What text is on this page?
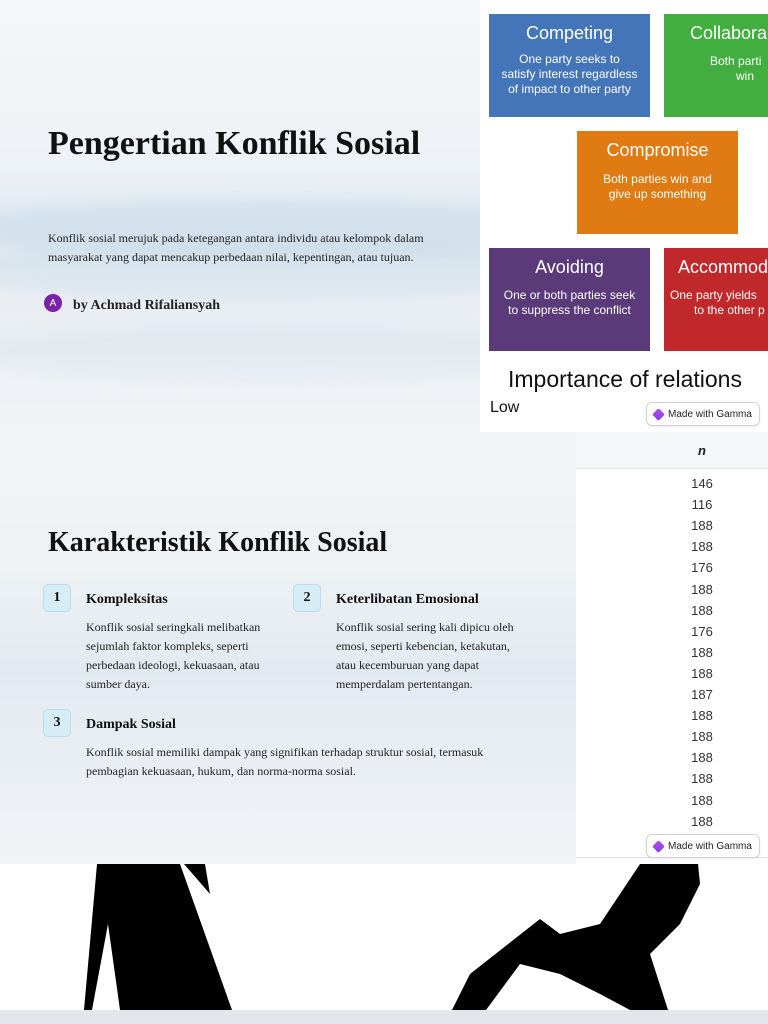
Pengertian Konflik Sosial
Konflik sosial merujuk pada ketegangan antara individu atau kelompok dalam
masyarakat yang dapat mencakup perbedaan nilai, kepentingan, atau tujuan.
A	by Achmad Rifaliansyah
Competing
One party seeks to
satisfy interest regardless
of impact to other party
Collabora
Both parti
win
Compromise
Both parties win and
give up something
Avoiding
One or both parties seek
to suppress the conflict
Accommod
One party yields
to the other p
Importance of relations
Low	Made with Gamma
Karakteristik Konflik Sosial
1	Kompleksitas
Konflik sosial seringkali melibatkan
sejumlah faktor kompleks, seperti
perbedaan ideologi, kekuasaan, atau
sumber daya.
2	Keterlibatan Emosional
Konflik sosial sering kali dipicu oleh
emosi, seperti kebencian, ketakutan,
atau kecemburuan yang dapat
memperdalam pertentangan.
3	Dampak Sosial
Konflik sosial memiliki dampak yang signifikan terhadap struktur sosial, termasuk
pembagian kekuasaan, hukum, dan norma-norma sosial.
n
146
116
188
188
176
188
188
176
188
188
187
188
188
188
188
188
188
Made with Gamma
